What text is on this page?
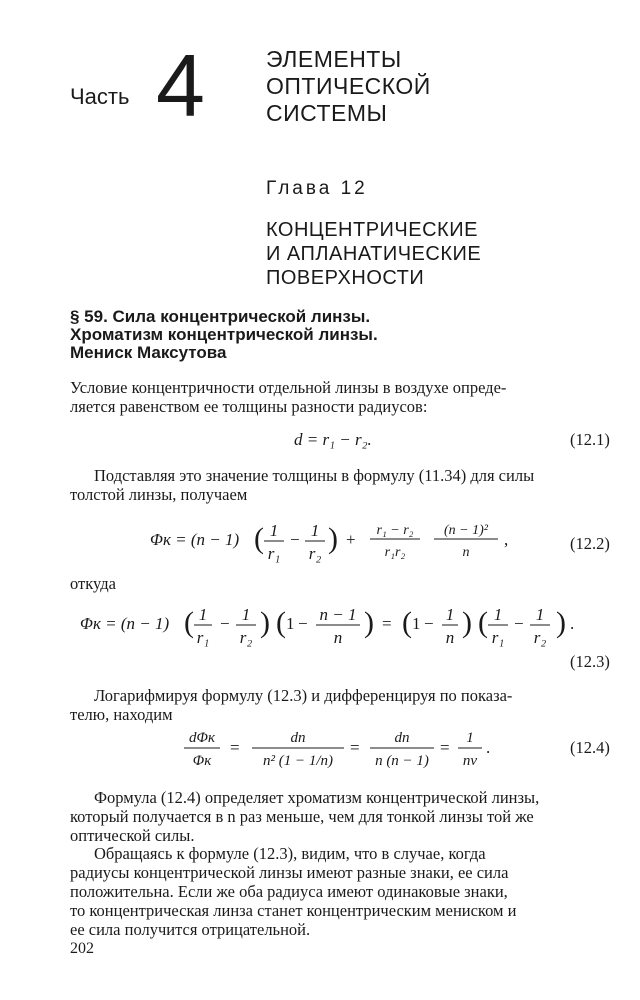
Часть 4	ЭЛЕМЕНТЫ
ОПТИЧЕСКОЙ
СИСТЕМЫ
Глава 12
КОНЦЕНТРИЧЕСКИЕ
И АПЛАНАТИЧЕСКИЕ
ПОВЕРХНОСТИ
§ 59. Сила концентрической линзы.
Хроматизм концентрической линзы.
Мениск Максутова
Условие концентричности отдельной линзы в воздухе опреде-
ляется равенством ее толщины разности радиусов:
d = r₁ − r₂.	(12.1)
Подставляя это значение толщины в формулу (11.34) для силы
толстой линзы, получаем
Φк = (n − 1) ( 1
r₁
− 1
r₂ ) + r₁ − r₂
r₁r₂
(n − 1)²
n
,	(12.2)
откуда
Φк = (n − 1) ( 1
r₁
− 1
r₂ ) ( 1 − n − 1
n ) = ( 1 − 1
n ) ( 1
r₁
− 1
r₂ ) .
(12.3)
Логарифмируя формулу (12.3) и дифференцируя по показа-
телю, находим
dΦк
Φк
=	dn
n² (1 − 1/n)
= dn
n (n − 1)
= 1
nν
.	(12.4)
Формула (12.4) определяет хроматизм концентрической линзы,
который получается в n раз меньше, чем для тонкой линзы той же
оптической силы.
Обращаясь к формуле (12.3), видим, что в случае, когда
радиусы концентрической линзы имеют разные знаки, ее сила
положительна. Если же оба радиуса имеют одинаковые знаки,
то концентрическая линза станет концентрическим мениском и
ее сила получится отрицательной.
202
